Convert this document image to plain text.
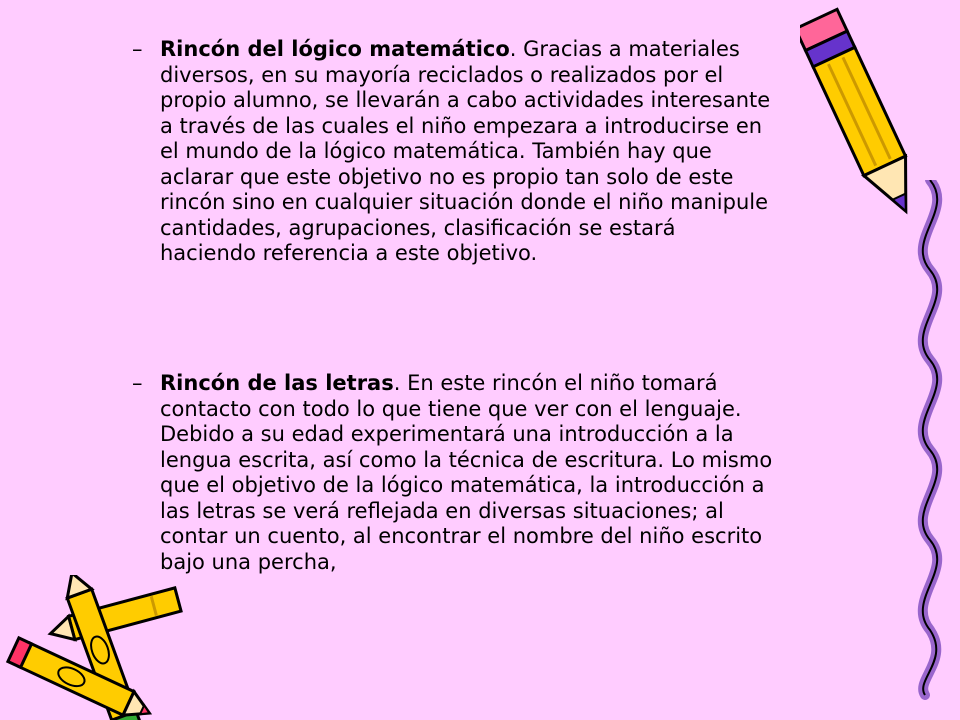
– Rincón del lógico matemático. Gracias a materiales
diversos, en su mayoría reciclados o realizados por el
propio alumno, se llevarán a cabo actividades interesante
a través de las cuales el niño empezara a introducirse en
el mundo de la lógico matemática. También hay que
aclarar que este objetivo no es propio tan solo de este
rincón sino en cualquier situación donde el niño manipule
cantidades, agrupaciones, clasificación se estará
haciendo referencia a este objetivo.
– Rincón de las letras. En este rincón el niño tomará
contacto con todo lo que tiene que ver con el lenguaje.
Debido a su edad experimentará una introducción a la
lengua escrita, así como la técnica de escritura. Lo mismo
que el objetivo de la lógico matemática, la introducción a
las letras se verá reflejada en diversas situaciones; al
contar un cuento, al encontrar el nombre del niño escrito
bajo una percha,
